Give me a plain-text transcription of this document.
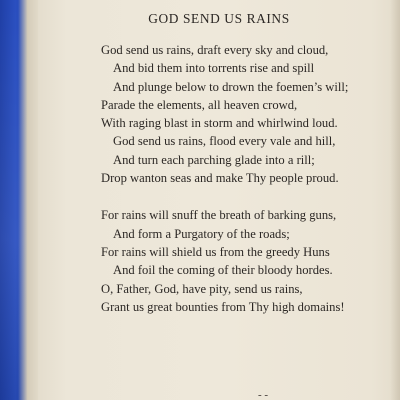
GOD SEND US RAINS
God send us rains, draft every sky and cloud,
And bid them into torrents rise and spill
And plunge below to drown the foemen’s will;
Parade the elements, all heaven crowd,
With raging blast in storm and whirlwind loud.
God send us rains, flood every vale and hill,
And turn each parching glade into a rill;
Drop wanton seas and make Thy people proud.
For rains will snuff the breath of barking guns,
And form a Purgatory of the roads;
For rains will shield us from the greedy Huns
And foil the coming of their bloody hordes.
O, Father, God, have pity, send us rains,
Grant us great bounties from Thy high domains!
- -
